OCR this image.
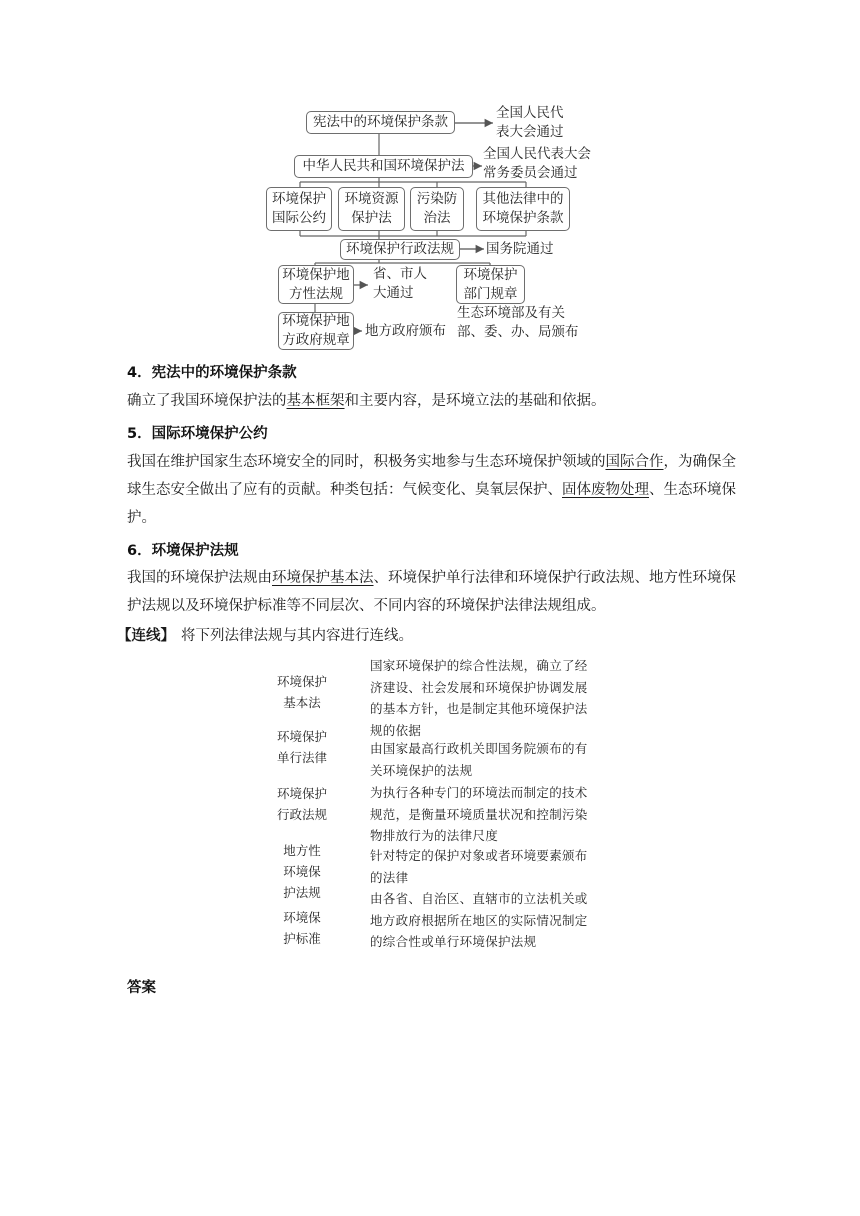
宪法中的环境保护条款
全国人民代
表大会通过
中华人民共和国环境保护法
全国人民代表大会
常务委员会通过
环境保护
国际公约
环境资源
保护法
污染防
治法
其他法律中的
环境保护条款
环境保护行政法规	国务院通过
环境保护地
方性法规
省、市人
大通过
环境保护
部门规章
生态环境部及有关
部、委、办、局颁布
环境保护地
方政府规章
地方政府颁布
4．宪法中的环境保护条款
确立了我国环境保护法的基本框架和主要内容，是环境立法的基础和依据。
5．国际环境保护公约
我国在维护国家生态环境安全的同时，积极务实地参与生态环境保护领域的国际合作，为确保全球生态安全做出了应有的贡献。种类包括：气候变化、臭氧层保护、固体废物处理、生态环境保护。
6．环境保护法规
我国的环境保护法规由环境保护基本法、环境保护单行法律和环境保护行政法规、地方性环境保护法规以及环境保护标准等不同层次、不同内容的环境保护法律法规组成。
【连线】 将下列法律法规与其内容进行连线。
环境保护
基本法
环境保护
单行法律
环境保护
行政法规
地方性
环境保
护法规
环境保
护标准
国家环境保护的综合性法规，确立了经济建设、社会发展和环境保护协调发展的基本方针，也是制定其他环境保护法规的依据
由国家最高行政机关即国务院颁布的有关环境保护的法规
为执行各种专门的环境法而制定的技术规范，是衡量环境质量状况和控制污染物排放行为的法律尺度
针对特定的保护对象或者环境要素颁布的法律
由各省、自治区、直辖市的立法机关或地方政府根据所在地区的实际情况制定的综合性或单行环境保护法规
答案
